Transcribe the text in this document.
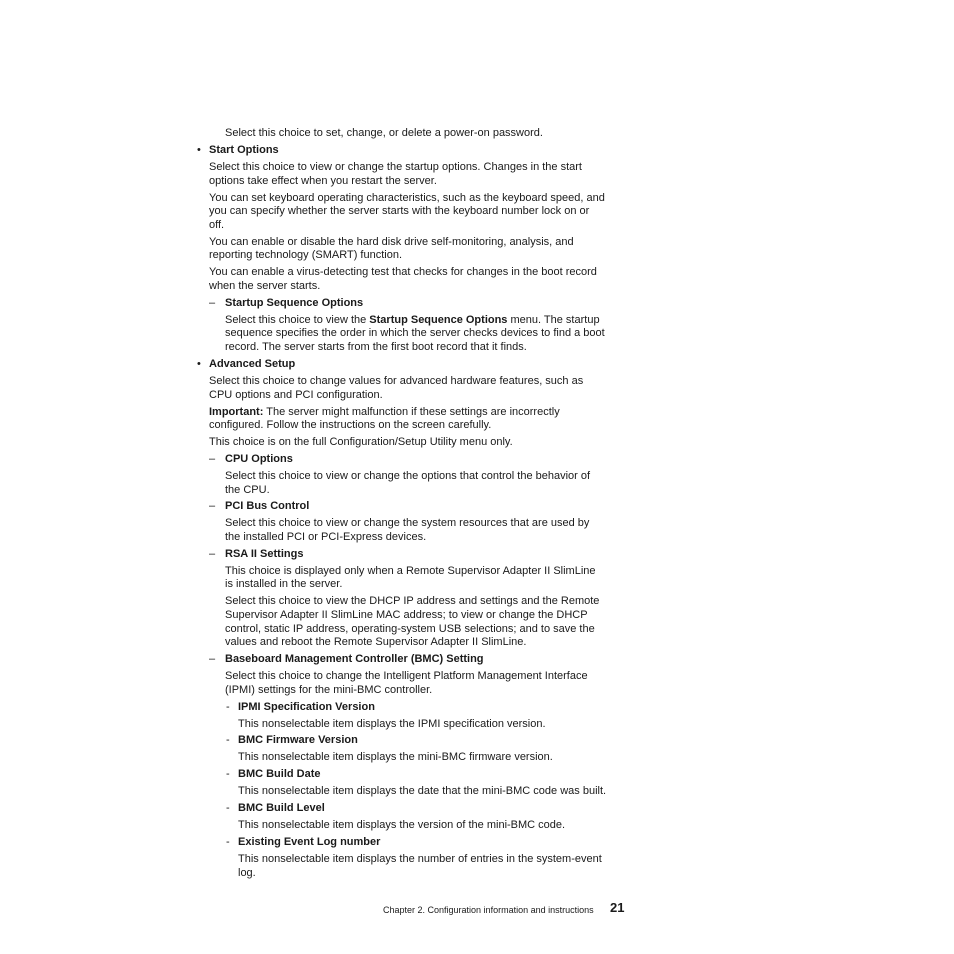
Select this choice to set, change, or delete a power-on password.
• Start Options
Select this choice to view or change the startup options. Changes in the start
options take effect when you restart the server.
You can set keyboard operating characteristics, such as the keyboard speed, and
you can specify whether the server starts with the keyboard number lock on or
off.
You can enable or disable the hard disk drive self-monitoring, analysis, and
reporting technology (SMART) function.
You can enable a virus-detecting test that checks for changes in the boot record
when the server starts.
– Startup Sequence Options
Select this choice to view the Startup Sequence Options menu. The startup
sequence specifies the order in which the server checks devices to find a boot
record. The server starts from the first boot record that it finds.
• Advanced Setup
Select this choice to change values for advanced hardware features, such as
CPU options and PCI configuration.
Important: The server might malfunction if these settings are incorrectly
configured. Follow the instructions on the screen carefully.
This choice is on the full Configuration/Setup Utility menu only.
– CPU Options
Select this choice to view or change the options that control the behavior of
the CPU.
– PCI Bus Control
Select this choice to view or change the system resources that are used by
the installed PCI or PCI-Express devices.
– RSA II Settings
This choice is displayed only when a Remote Supervisor Adapter II SlimLine
is installed in the server.
Select this choice to view the DHCP IP address and settings and the Remote
Supervisor Adapter II SlimLine MAC address; to view or change the DHCP
control, static IP address, operating-system USB selections; and to save the
values and reboot the Remote Supervisor Adapter II SlimLine.
– Baseboard Management Controller (BMC) Setting
Select this choice to change the Intelligent Platform Management Interface
(IPMI) settings for the mini-BMC controller.
- IPMI Specification Version
This nonselectable item displays the IPMI specification version.
- BMC Firmware Version
This nonselectable item displays the mini-BMC firmware version.
- BMC Build Date
This nonselectable item displays the date that the mini-BMC code was built.
- BMC Build Level
This nonselectable item displays the version of the mini-BMC code.
- Existing Event Log number
This nonselectable item displays the number of entries in the system-event
log.
Chapter 2. Configuration information and instructions 21
